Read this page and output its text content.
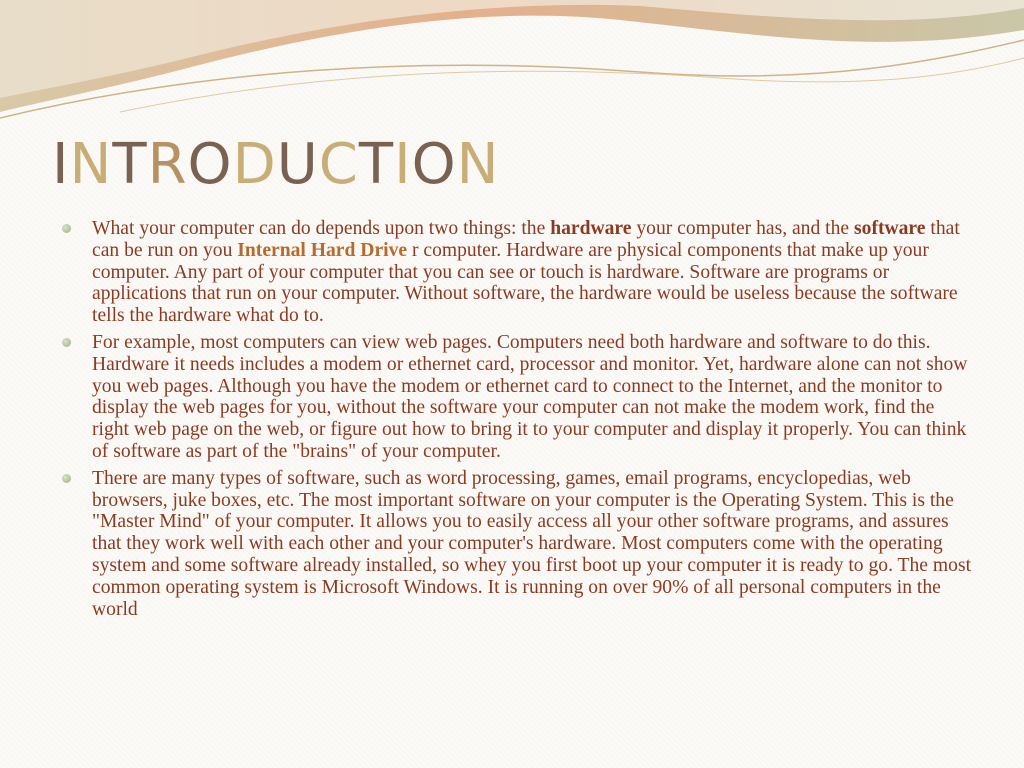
INTRODUCTION
What your computer can do depends upon two things: the hardware your computer has, and the software that can be run on you Internal Hard Drive r computer. Hardware are physical components that make up your computer. Any part of your computer that you can see or touch is hardware. Software are programs or applications that run on your computer. Without software, the hardware would be useless because the software tells the hardware what do to.
For example, most computers can view web pages. Computers need both hardware and software to do this. Hardware it needs includes a modem or ethernet card, processor and monitor. Yet, hardware alone can not show you web pages. Although you have the modem or ethernet card to connect to the Internet, and the monitor to display the web pages for you, without the software your computer can not make the modem work, find the right web page on the web, or figure out how to bring it to your computer and display it properly. You can think of software as part of the "brains" of your computer.
There are many types of software, such as word processing, games, email programs, encyclopedias, web browsers, juke boxes, etc. The most important software on your computer is the Operating System. This is the "Master Mind" of your computer. It allows you to easily access all your other software programs, and assures that they work well with each other and your computer's hardware. Most computers come with the operating system and some software already installed, so whey you first boot up your computer it is ready to go. The most common operating system is Microsoft Windows. It is running on over 90% of all personal computers in the world
